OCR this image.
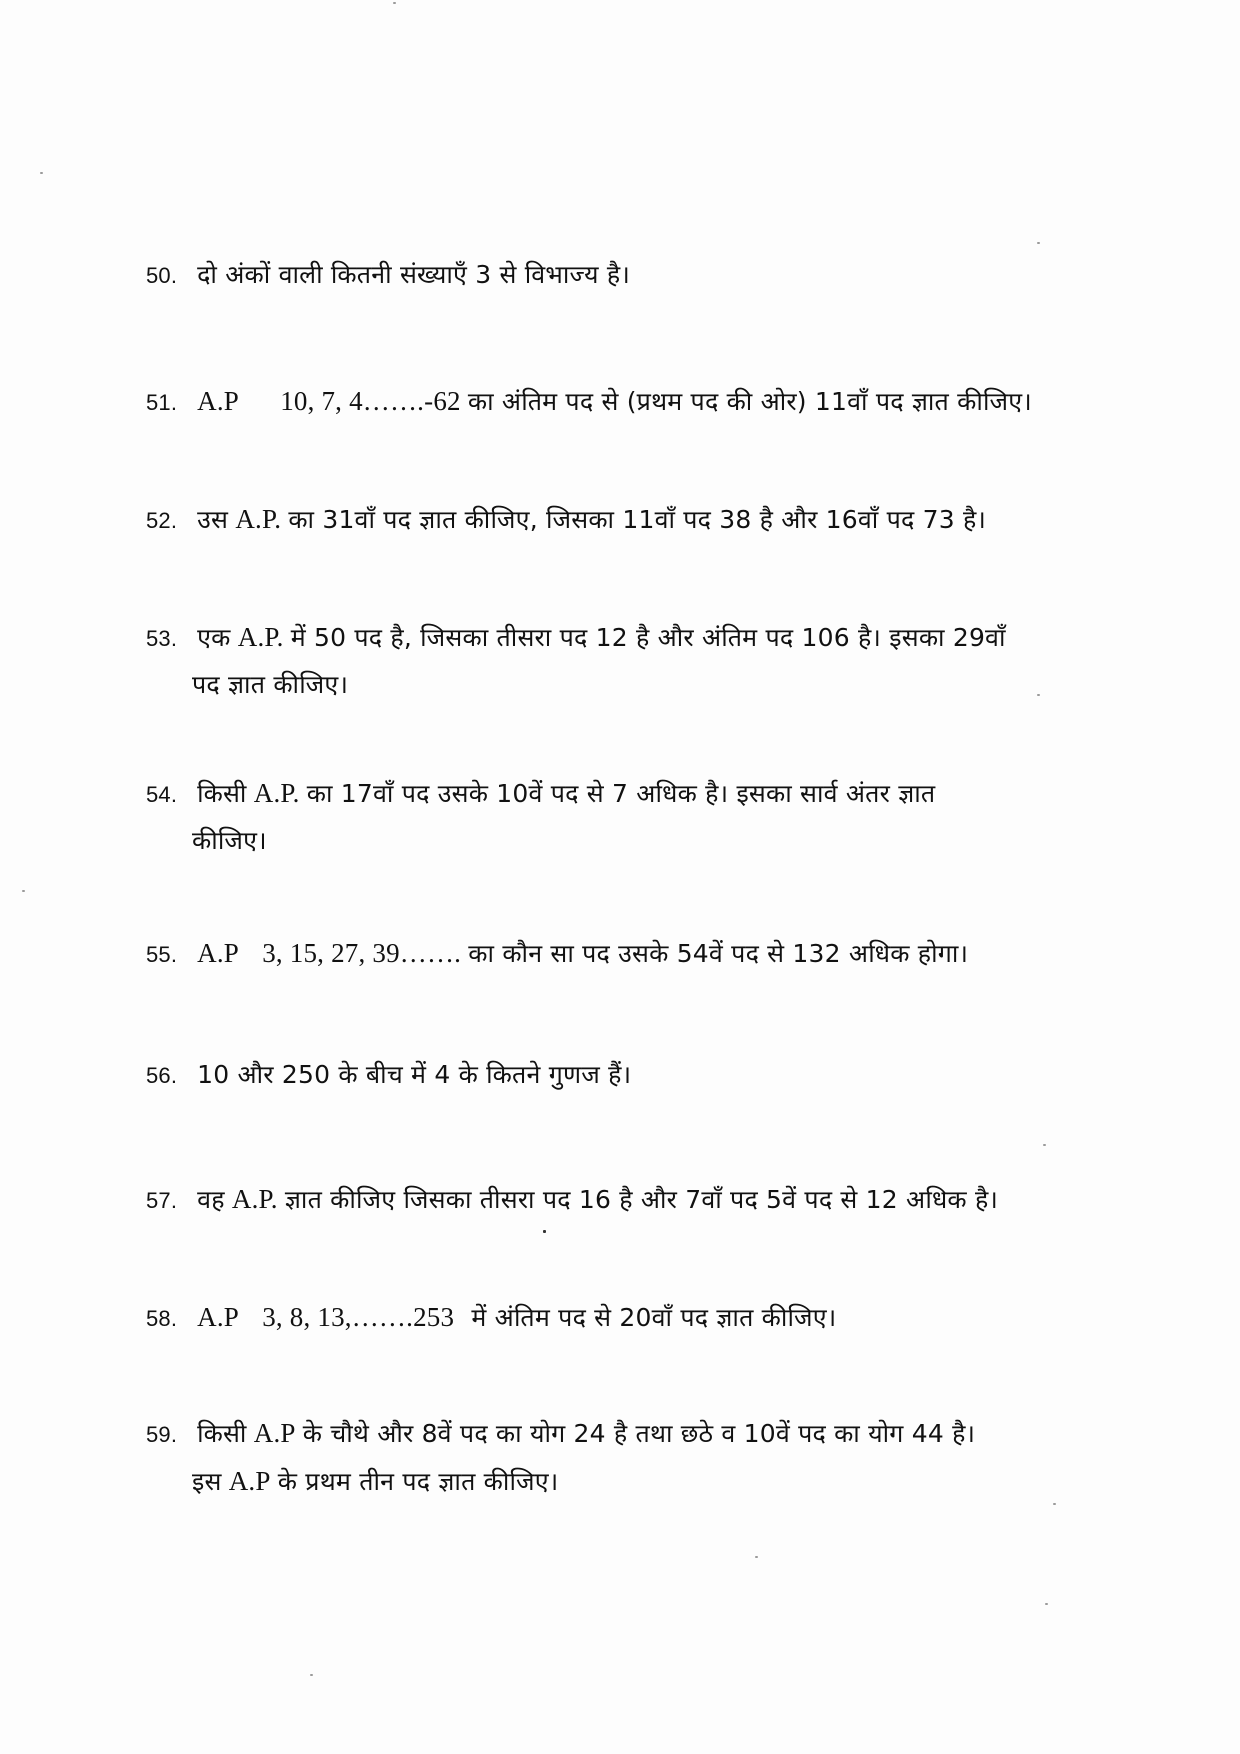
50. दो अंकों वाली कितनी संख्याएँ 3 से विभाज्य है।
51. A.P 10, 7, 4…….-62 का अंतिम पद से (प्रथम पद की ओर) 11वाँ पद ज्ञात कीजिए।
52. उस A.P. का 31वाँ पद ज्ञात कीजिए, जिसका 11वाँ पद 38 है और 16वाँ पद 73 है।
53. एक A.P. में 50 पद है, जिसका तीसरा पद 12 है और अंतिम पद 106 है। इसका 29वाँ
पद ज्ञात कीजिए।
54. किसी A.P. का 17वाँ पद उसके 10वें पद से 7 अधिक है। इसका सार्व अंतर ज्ञात
कीजिए।
55. A.P 3, 15, 27, 39……. का कौन सा पद उसके 54वें पद से 132 अधिक होगा।
56. 10 और 250 के बीच में 4 के कितने गुणज हैं।
57. वह A.P. ज्ञात कीजिए जिसका तीसरा पद 16 है और 7वाँ पद 5वें पद से 12 अधिक है।
58. A.P 3, 8, 13,…….253 में अंतिम पद से 20वाँ पद ज्ञात कीजिए।
59. किसी A.P के चौथे और 8वें पद का योग 24 है तथा छठे व 10वें पद का योग 44 है।
इस A.P के प्रथम तीन पद ज्ञात कीजिए।
